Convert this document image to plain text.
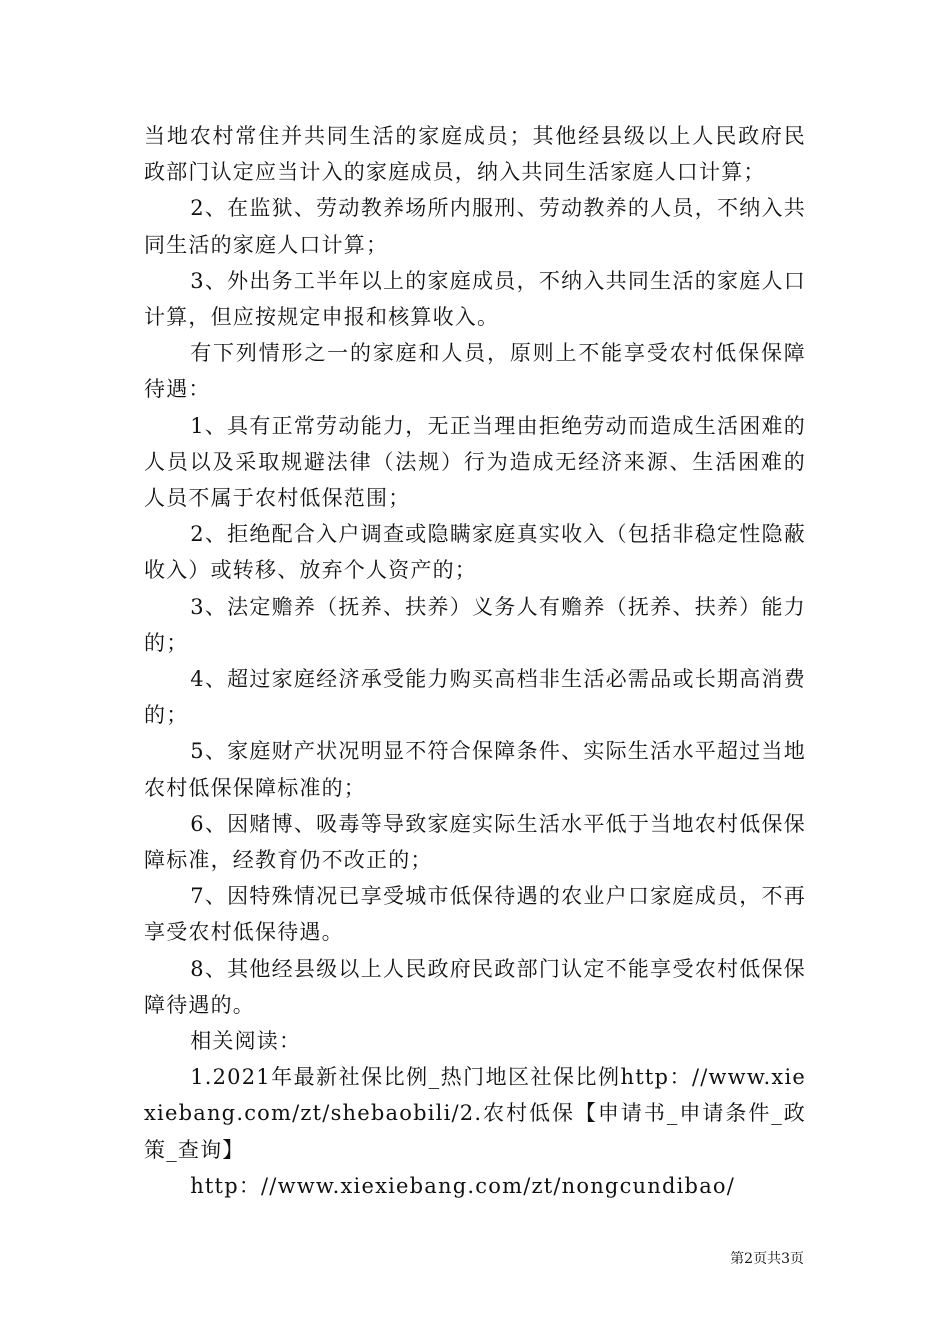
当地农村常住并共同生活的家庭成员；其他经县级以上人民政府民政部门认定应当计入的家庭成员，纳入共同生活家庭人口计算；

2、在监狱、劳动教养场所内服刑、劳动教养的人员，不纳入共同生活的家庭人口计算；

3、外出务工半年以上的家庭成员，不纳入共同生活的家庭人口计算，但应按规定申报和核算收入。

有下列情形之一的家庭和人员，原则上不能享受农村低保保障待遇：

1、具有正常劳动能力，无正当理由拒绝劳动而造成生活困难的人员以及采取规避法律（法规）行为造成无经济来源、生活困难的人员不属于农村低保范围；

2、拒绝配合入户调查或隐瞒家庭真实收入（包括非稳定性隐蔽收入）或转移、放弃个人资产的；

3、法定赡养（抚养、扶养）义务人有赡养（抚养、扶养）能力的；

4、超过家庭经济承受能力购买高档非生活必需品或长期高消费的；

5、家庭财产状况明显不符合保障条件、实际生活水平超过当地农村低保保障标准的；

6、因赌博、吸毒等导致家庭实际生活水平低于当地农村低保保障标准，经教育仍不改正的；

7、因特殊情况已享受城市低保待遇的农业户口家庭成员，不再享受农村低保待遇。

8、其他经县级以上人民政府民政部门认定不能享受农村低保保障待遇的。

相关阅读：

1.2021年最新社保比例_热门地区社保比例http：//www.xiexiebang.com/zt/shebaobili/2.农村低保【申请书_申请条件_政策_查询】

http：//www.xiexiebang.com/zt/nongcundibao/

第2页共3页
